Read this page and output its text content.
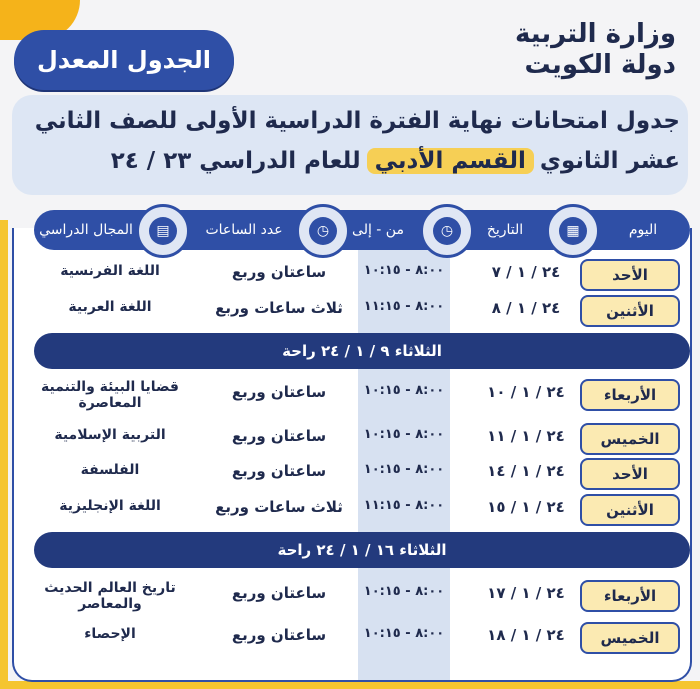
وزارة التربية
دولة الكويت
الجدول المعدل
جدول امتحانات نهاية الفترة الدراسية الأولى للصف الثاني
عشر الثانوي
القسم الأدبي
للعام الدراسي ٢٣ / ٢٤
اليوم
▦
التاريخ
◷
من - إلى
◷
عدد الساعات
▤
المجال الدراسي
الأحد
٢٤ / ١ / ٧
٨:٠٠ - ١٠:١٥
ساعتان وربع
اللغة الفرنسية
الأثنين
٢٤ / ١ / ٨
٨:٠٠ - ١١:١٥
ثلاث ساعات وربع
اللغة العربية
الثلاثاء ٩ / ١ / ٢٤ راحة
الأربعاء
٢٤ / ١ / ١٠
٨:٠٠ - ١٠:١٥
ساعتان وربع
قضايا البيئة والتنمية المعاصرة
الخميس
٢٤ / ١ / ١١
٨:٠٠ - ١٠:١٥
ساعتان وربع
التربية الإسلامية
الأحد
٢٤ / ١ / ١٤
٨:٠٠ - ١٠:١٥
ساعتان وربع
الفلسفة
الأثنين
٢٤ / ١ / ١٥
٨:٠٠ - ١١:١٥
ثلاث ساعات وربع
اللغة الإنجليزية
الثلاثاء ١٦ / ١ / ٢٤ راحة
الأربعاء
٢٤ / ١ / ١٧
٨:٠٠ - ١٠:١٥
ساعتان وربع
تاريخ العالم الحديث والمعاصر
الخميس
٢٤ / ١ / ١٨
٨:٠٠ - ١٠:١٥
ساعتان وربع
الإحصاء
